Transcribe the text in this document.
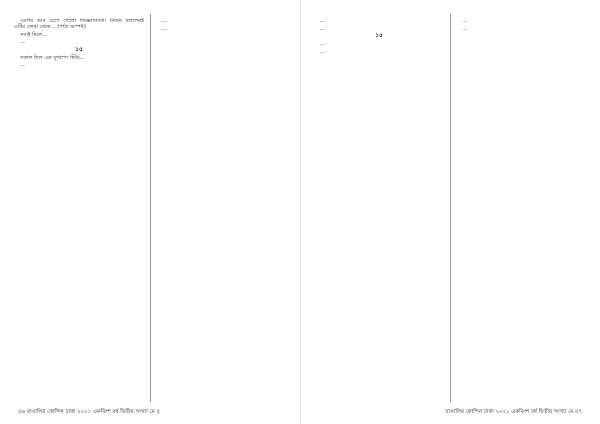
এরপর আর চেপে গেলো জিজ্ঞাসাবাদ। বিজন বললেনই এটির জেরা থেকে... (পাঠ্য অস্পষ্ট)

সবাই মিলে...

...

১৫

সকাল ছিল এক দুষ্প্রাপ্য ছিঁড়ি...

...

...

...

৫৬ বাঙালির কোন্দিন ঢাকা ২০২১ একবিংশ বর্ষ দ্বিতীয় সংখ্যা মে ৫

...

...

১৫

...

...

...

...

বাঙালির কোন্দিন ঢাকা ২০২১ একবিংশ বর্ষ দ্বিতীয় সংখ্যা মে ৫৭
